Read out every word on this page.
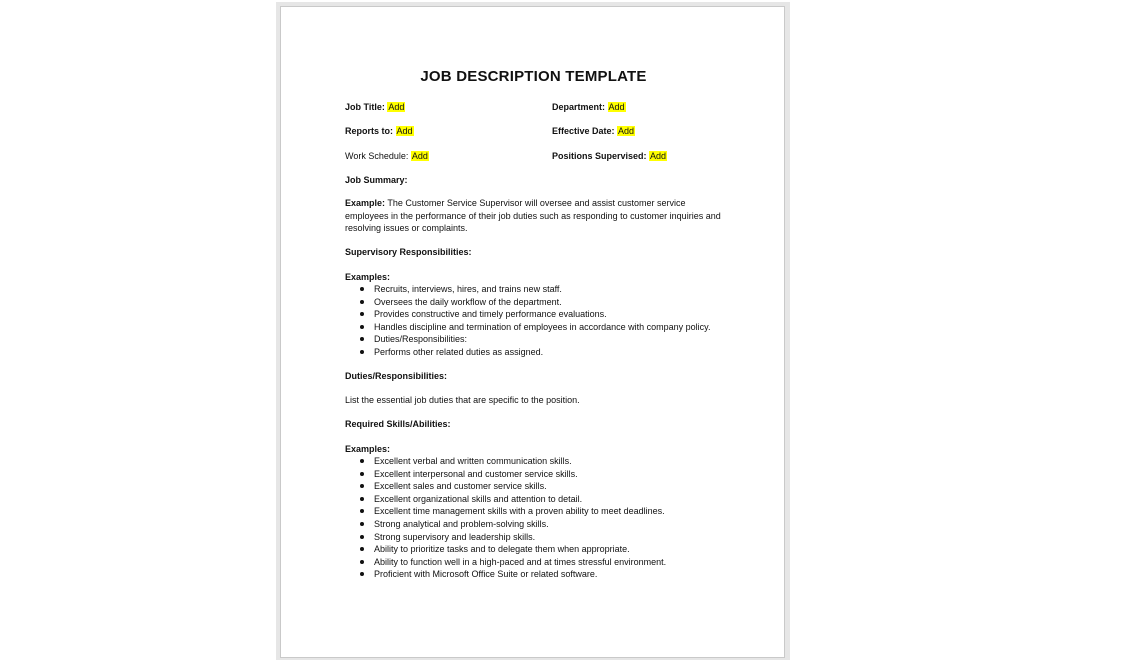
JOB DESCRIPTION TEMPLATE
Job Title: Add	Department: Add
Reports to: Add	Effective Date: Add
Work Schedule: Add	Positions Supervised: Add
Job Summary:
Example: The Customer Service Supervisor will oversee and assist customer service employees in the performance of their job duties such as responding to customer inquiries and resolving issues or complaints.
Supervisory Responsibilities:
Examples:
Recruits, interviews, hires, and trains new staff.
Oversees the daily workflow of the department.
Provides constructive and timely performance evaluations.
Handles discipline and termination of employees in accordance with company policy.
Duties/Responsibilities:
Performs other related duties as assigned.
Duties/Responsibilities:
List the essential job duties that are specific to the position.
Required Skills/Abilities:
Examples:
Excellent verbal and written communication skills.
Excellent interpersonal and customer service skills.
Excellent sales and customer service skills.
Excellent organizational skills and attention to detail.
Excellent time management skills with a proven ability to meet deadlines.
Strong analytical and problem-solving skills.
Strong supervisory and leadership skills.
Ability to prioritize tasks and to delegate them when appropriate.
Ability to function well in a high-paced and at times stressful environment.
Proficient with Microsoft Office Suite or related software.
